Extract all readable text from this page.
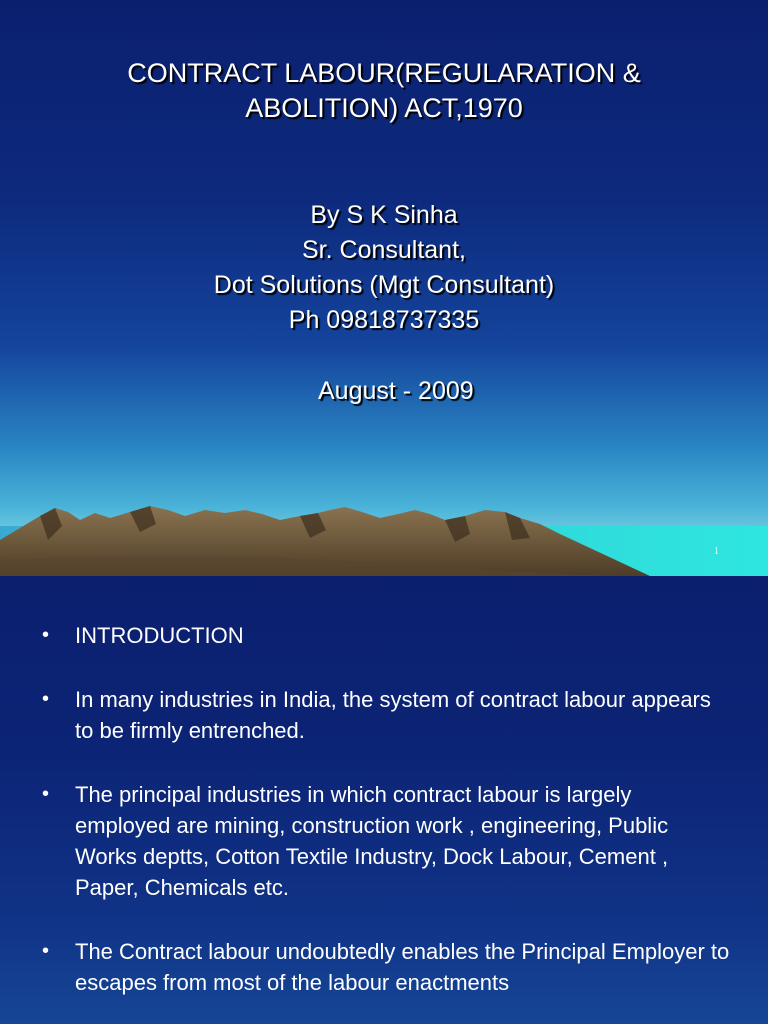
CONTRACT LABOUR(REGULARATION &
ABOLITION) ACT,1970
By S K Sinha
Sr. Consultant,
Dot Solutions (Mgt Consultant)
Ph 09818737335
August - 2009
1
• INTRODUCTION
• In many industries in India, the system of contract labour appears to be firmly entrenched.
• The principal industries in which contract labour is largely employed are mining, construction work , engineering, Public Works deptts, Cotton Textile Industry, Dock Labour, Cement , Paper, Chemicals etc.
• The Contract labour undoubtedly enables the Principal Employer to escapes from most of the labour enactments
